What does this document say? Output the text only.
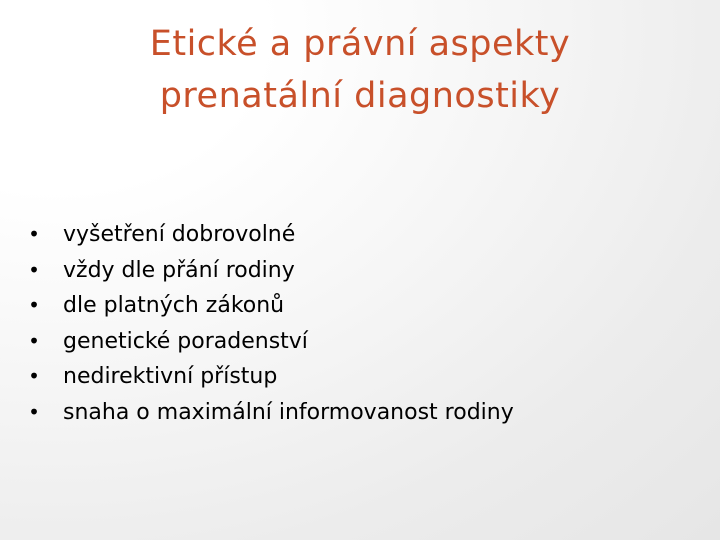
Etické a právní aspekty
prenatální diagnostiky
• vyšetření dobrovolné
• vždy dle přání rodiny
• dle platných zákonů
• genetické poradenství
• nedirektivní přístup
• snaha o maximální informovanost rodiny
